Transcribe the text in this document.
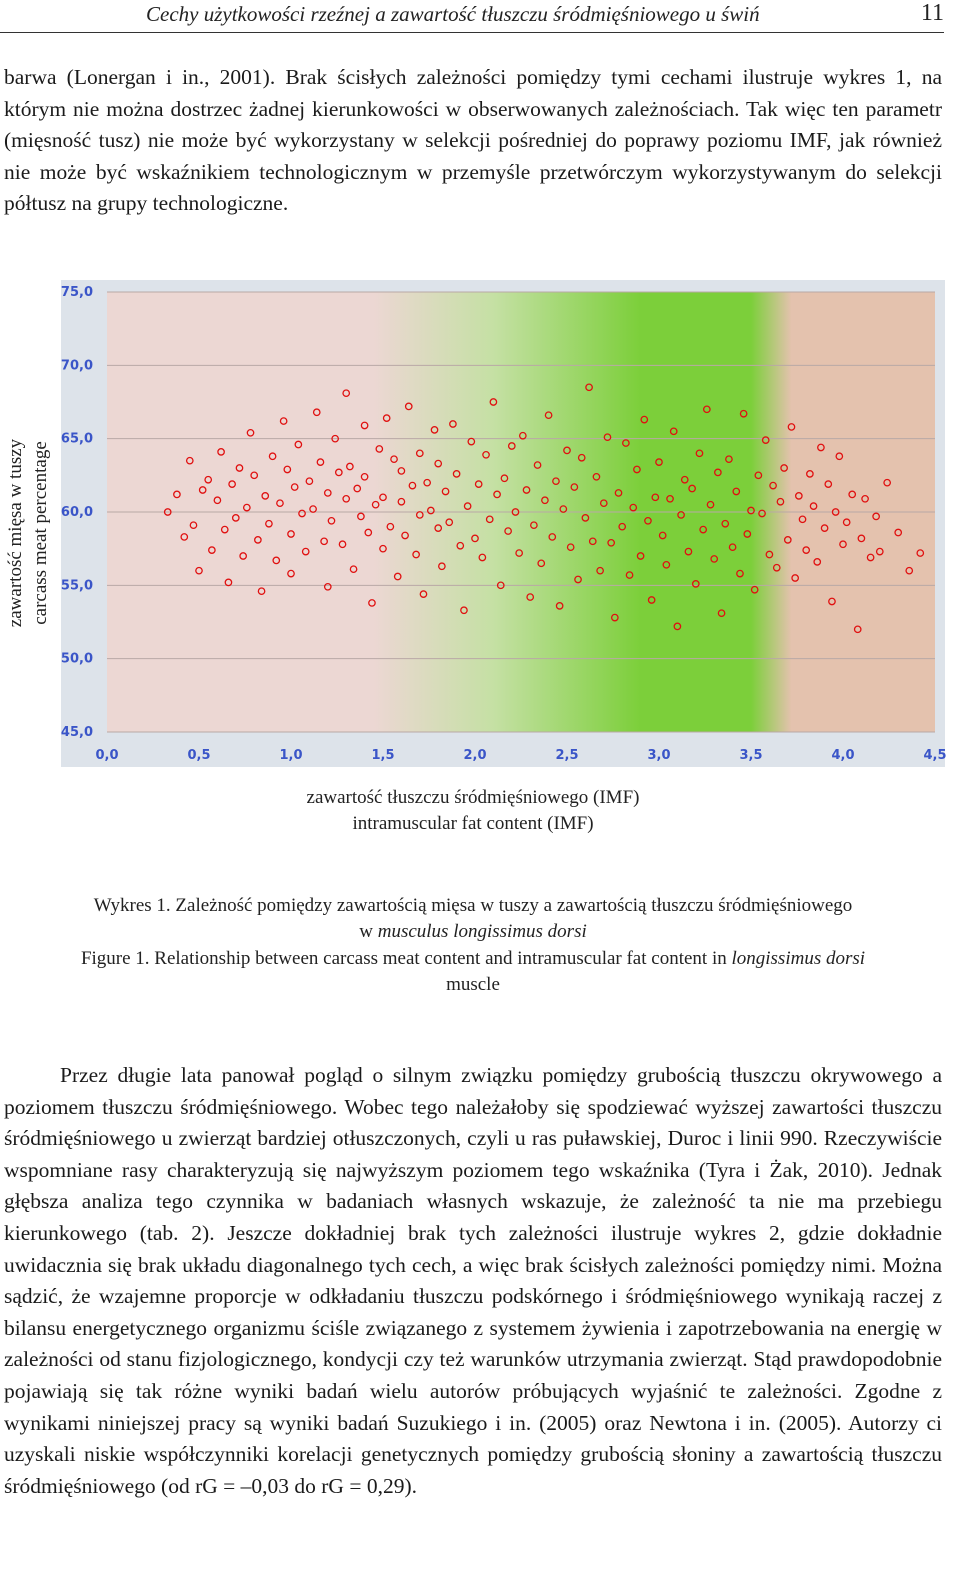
Cechy użytkowości rzeźnej a zawartość tłuszczu śródmięśniowego u świń	11

barwa (Lonergan i in., 2001). Brak ścisłych zależności pomiędzy tymi cechami ilustruje wykres 1, na którym nie można dostrzec żadnej kierunkowości w obserwowanych zależnościach. Tak więc ten parametr (mięsność tusz) nie może być wykorzystany w selekcji pośredniej do poprawy poziomu IMF, jak również nie może być wskaźnikiem technologicznym w przemyśle przetwórczym wykorzystywanym do selekcji półtusz na grupy technologiczne.

45,0
50,0
55,0
60,0
65,0
70,0
75,0
0,0	0,5	1,0	1,5	2,0	2,5	3,0	3,5	4,0	4,5
zawartość mięsa w tuszy carcass meat percentage
zawartość tłuszczu śródmięśniowego (IMF)
intramuscular fat content (IMF)
Wykres 1. Zależność pomiędzy zawartością mięsa w tuszy a zawartością tłuszczu śródmięśniowego
w musculus longissimus dorsi
Figure 1. Relationship between carcass meat content and intramuscular fat content in longissimus dorsi
muscle

Przez długie lata panował pogląd o silnym związku pomiędzy grubością tłuszczu okrywowego a poziomem tłuszczu śródmięśniowego. Wobec tego należałoby się spodziewać wyższej zawartości tłuszczu śródmięśniowego u zwierząt bardziej otłuszczonych, czyli u ras puławskiej, Duroc i linii 990. Rzeczywiście wspomniane rasy charakteryzują się najwyższym poziomem tego wskaźnika (Tyra i Żak, 2010). Jednak głębsza analiza tego czynnika w badaniach własnych wskazuje, że zależność ta nie ma przebiegu kierunkowego (tab. 2). Jeszcze dokładniej brak tych zależności ilustruje wykres 2, gdzie dokładnie uwidacznia się brak układu diagonalnego tych cech, a więc brak ścisłych zależności pomiędzy nimi. Można sądzić, że wzajemne proporcje w odkładaniu tłuszczu podskórnego i śródmięśniowego wynikają raczej z bilansu energetycznego organizmu ściśle związanego z systemem żywienia i zapotrzebowania na energię w zależności od stanu fizjologicznego, kondycji czy też warunków utrzymania zwierząt. Stąd prawdopodobnie pojawiają się tak różne wyniki badań wielu autorów próbujących wyjaśnić te zależności. Zgodne z wynikami niniejszej pracy są wyniki badań Suzukiego i in. (2005) oraz Newtona i in. (2005). Autorzy ci uzyskali niskie współczynniki korelacji genetycznych pomiędzy grubością słoniny a zawartością tłuszczu śródmięśniowego (od rG = –0,03 do rG = 0,29).
